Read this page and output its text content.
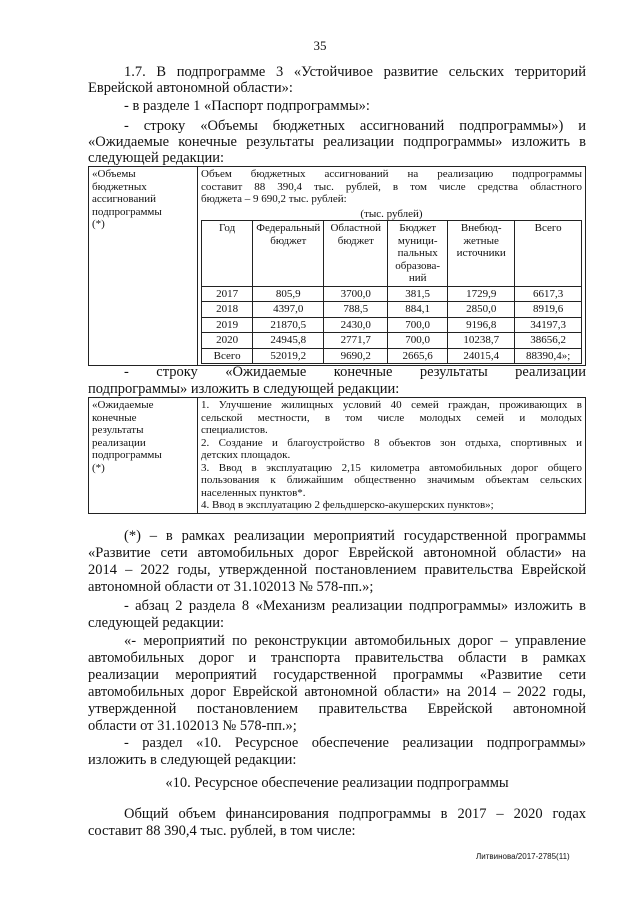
35
1.7. В подпрограмме 3 «Устойчивое развитие сельских территорий
Еврейской автономной области»:
- в разделе 1 «Паспорт подпрограммы»:
- строку «Объемы бюджетных ассигнований подпрограммы») и
«Ожидаемые конечные результаты реализации подпрограммы» изложить в
следующей редакции:
«Объемы
бюджетных
ассигнований
подпрограммы
(*)

Объем бюджетных ассигнований на реализацию подпрограммы
составит 88 390,4 тыс. рублей, в том числе средства областного
бюджета – 9 690,2 тыс. рублей:
(тыс. рублей)
Год	Федеральный бюджет	Областной бюджет	Бюджет муници-пальных образова-ний	Внебюд-жетные источники	Всего
2017	805,9	3700,0	381,5	1729,9	6617,3
2018	4397,0	788,5	884,1	2850,0	8919,6
2019	21870,5	2430,0	700,0	9196,8	34197,3
2020	24945,8	2771,7	700,0	10238,7	38656,2
Всего	52019,2	9690,2	2665,6	24015,4	88390,4»;
- строку «Ожидаемые конечные результаты реализации
подпрограммы» изложить в следующей редакции:
«Ожидаемые
конечные
результаты
реализации
подпрограммы
(*)

1. Улучшение жилищных условий 40 семей граждан, проживающих в
сельской местности, в том числе молодых семей и молодых
специалистов.
2. Создание и благоустройство 8 объектов зон отдыха, спортивных и
детских площадок.
3. Ввод в эксплуатацию 2,15 километра автомобильных дорог общего
пользования к ближайшим общественно значимым объектам сельских
населенных пунктов*.
4. Ввод в эксплуатацию 2 фельдшерско-акушерских пунктов»;
(*) – в рамках реализации мероприятий государственной программы
«Развитие сети автомобильных дорог Еврейской автономной области» на
2014 – 2022 годы, утвержденной постановлением правительства Еврейской
автономной области от 31.102013 № 578-пп.»;
- абзац 2 раздела 8 «Механизм реализации подпрограммы» изложить в
следующей редакции:
«- мероприятий по реконструкции автомобильных дорог – управление
автомобильных дорог и транспорта правительства области в рамках
реализации мероприятий государственной программы «Развитие сети
автомобильных дорог Еврейской автономной области» на 2014 – 2022 годы,
утвержденной постановлением правительства Еврейской автономной
области от 31.102013 № 578-пп.»;
- раздел «10. Ресурсное обеспечение реализации подпрограммы»
изложить в следующей редакции:
«10. Ресурсное обеспечение реализации подпрограммы
Общий объем финансирования подпрограммы в 2017 – 2020 годах
составит 88 390,4 тыс. рублей, в том числе:
Литвинова/2017-2785(11)
